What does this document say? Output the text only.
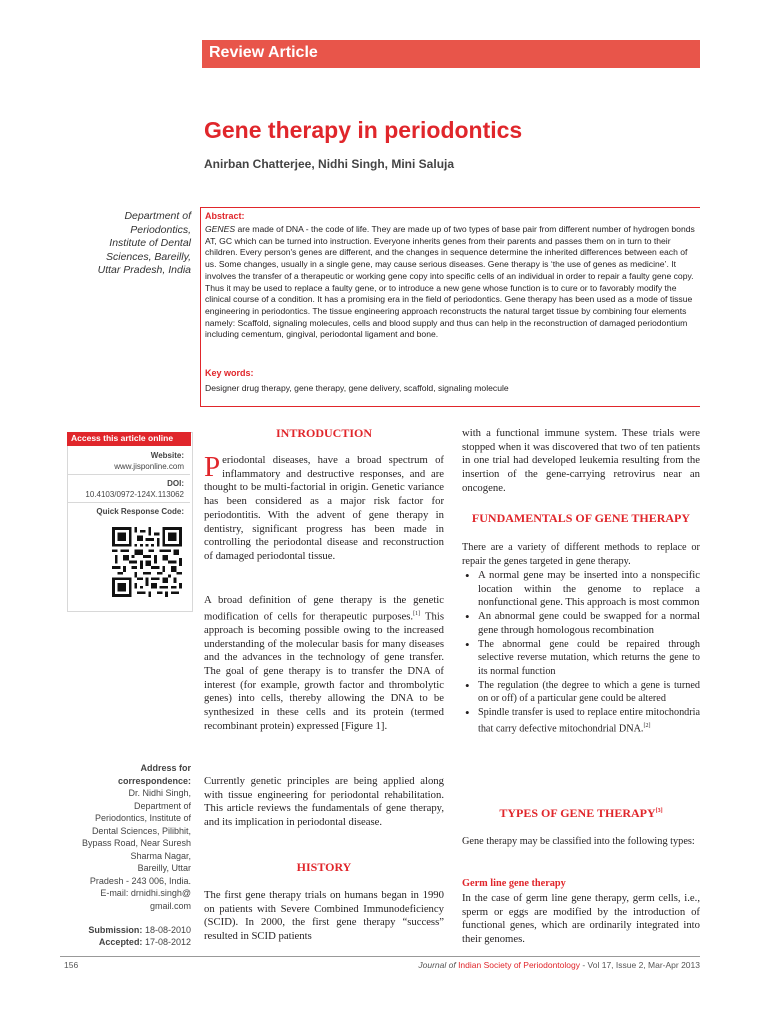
Review Article
Gene therapy in periodontics
Anirban Chatterjee, Nidhi Singh, Mini Saluja
Department of
Periodontics,
Institute of Dental
Sciences, Bareilly,
Uttar Pradesh, India
Abstract:
GENES are made of DNA - the code of life. They are made up of two types of base pair from different number of hydrogen bonds AT, GC which can be turned into instruction. Everyone inherits genes from their parents and passes them on in turn to their children. Every person's genes are different, and the changes in sequence determine the inherited differences between each of us. Some changes, usually in a single gene, may cause serious diseases. Gene therapy is ‘the use of genes as medicine’. It involves the transfer of a therapeutic or working gene copy into specific cells of an individual in order to repair a faulty gene copy. Thus it may be used to replace a faulty gene, or to introduce a new gene whose function is to cure or to favorably modify the clinical course of a condition. It has a promising era in the field of periodontics. Gene therapy has been used as a mode of tissue engineering in periodontics. The tissue engineering approach reconstructs the natural target tissue by combining four elements namely: Scaffold, signaling molecules, cells and blood supply and thus can help in the reconstruction of damaged periodontium including cementum, gingival, periodontal ligament and bone.
Key words:
Designer drug therapy, gene therapy, gene delivery, scaffold, signaling molecule
Access this article online
Website:
www.jisponline.com
DOI:
10.4103/0972-124X.113062
Quick Response Code:
Address for
correspondence:
Dr. Nidhi Singh,
Department of
Periodontics, Institute of
Dental Sciences, Pilibhit,
Bypass Road, Near Suresh
Sharma Nagar,
Bareilly, Uttar
Pradesh - 243 006, India.
E-mail: drnidhi.singh@
gmail.com
Submission: 18-08-2010
Accepted: 17-08-2012
INTRODUCTION
Periodontal diseases, have a broad spectrum of inflammatory and destructive responses, and are thought to be multi-factorial in origin. Genetic variance has been considered as a major risk factor for periodontitis. With the advent of gene therapy in dentistry, significant progress has been made in controlling the periodontal disease and reconstruction of damaged periodontal tissue.
A broad definition of gene therapy is the genetic modification of cells for therapeutic purposes.[1] This approach is becoming possible owing to the increased understanding of the molecular basis for many diseases and the advances in the technology of gene transfer. The goal of gene therapy is to transfer the DNA of interest (for example, growth factor and thrombolytic genes) into cells, thereby allowing the DNA to be synthesized in these cells and its protein (termed recombinant protein) expressed [Figure 1].
Currently genetic principles are being applied along with tissue engineering for periodontal rehabilitation. This article reviews the fundamentals of gene therapy, and its implication in periodontal disease.
HISTORY
The first gene therapy trials on humans began in 1990 on patients with Severe Combined Immunodeficiency (SCID). In 2000, the first gene therapy “success” resulted in SCID patients
with a functional immune system. These trials were stopped when it was discovered that two of ten patients in one trial had developed leukemia resulting from the insertion of the gene-carrying retrovirus near an oncogene.
FUNDAMENTALS OF GENE THERAPY
There are a variety of different methods to replace or repair the genes targeted in gene therapy.
• A normal gene may be inserted into a nonspecific location within the genome to replace a nonfunctional gene. This approach is most common
• An abnormal gene could be swapped for a normal gene through homologous recombination
• The abnormal gene could be repaired through selective reverse mutation, which returns the gene to its normal function
• The regulation (the degree to which a gene is turned on or off) of a particular gene could be altered
• Spindle transfer is used to replace entire mitochondria that carry defective mitochondrial DNA.[2]
TYPES OF GENE THERAPY[3]
Gene therapy may be classified into the following types:
Germ line gene therapy
In the case of germ line gene therapy, germ cells, i.e., sperm or eggs are modified by the introduction of functional genes, which are ordinarily integrated into their genomes.
156	Journal of Indian Society of Periodontology - Vol 17, Issue 2, Mar-Apr 2013
